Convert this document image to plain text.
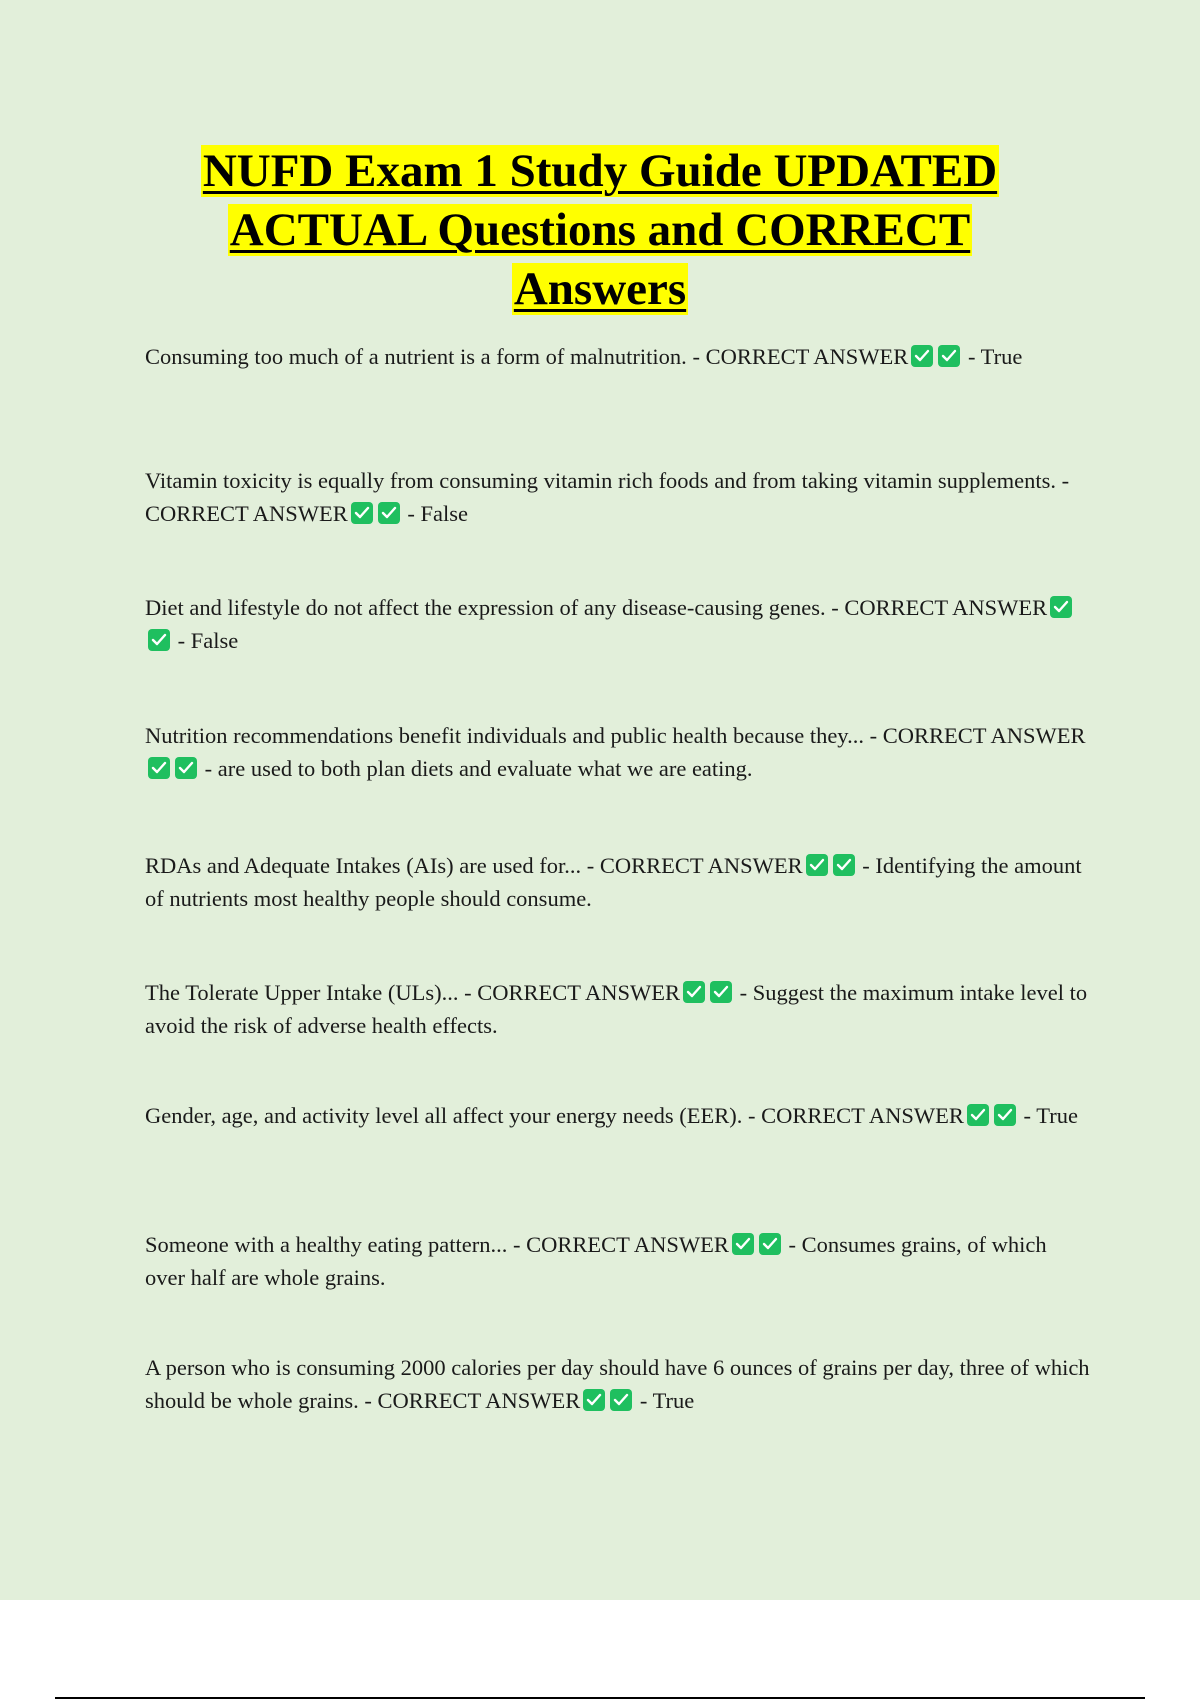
NUFD Exam 1 Study Guide UPDATED
ACTUAL Questions and CORRECT
Answers
Consuming too much of a nutrient is a form of malnutrition. - CORRECT ANSWER	- True
Vitamin toxicity is equally from consuming vitamin rich foods and from taking vitamin supplements. - CORRECT ANSWER	- False
Diet and lifestyle do not affect the expression of any disease-causing genes. - CORRECT ANSWER
- False
Nutrition recommendations benefit individuals and public health because they... - CORRECT ANSWER
- are used to both plan diets and evaluate what we are eating.
RDAs and Adequate Intakes (AIs) are used for... - CORRECT ANSWER	- Identifying the amount of nutrients most healthy people should consume.
The Tolerate Upper Intake (ULs)... - CORRECT ANSWER	- Suggest the maximum intake level to avoid the risk of adverse health effects.
Gender, age, and activity level all affect your energy needs (EER). - CORRECT ANSWER	- True
Someone with a healthy eating pattern... - CORRECT ANSWER	- Consumes grains, of which over half are whole grains.
A person who is consuming 2000 calories per day should have 6 ounces of grains per day, three of which should be whole grains. - CORRECT ANSWER	- True
